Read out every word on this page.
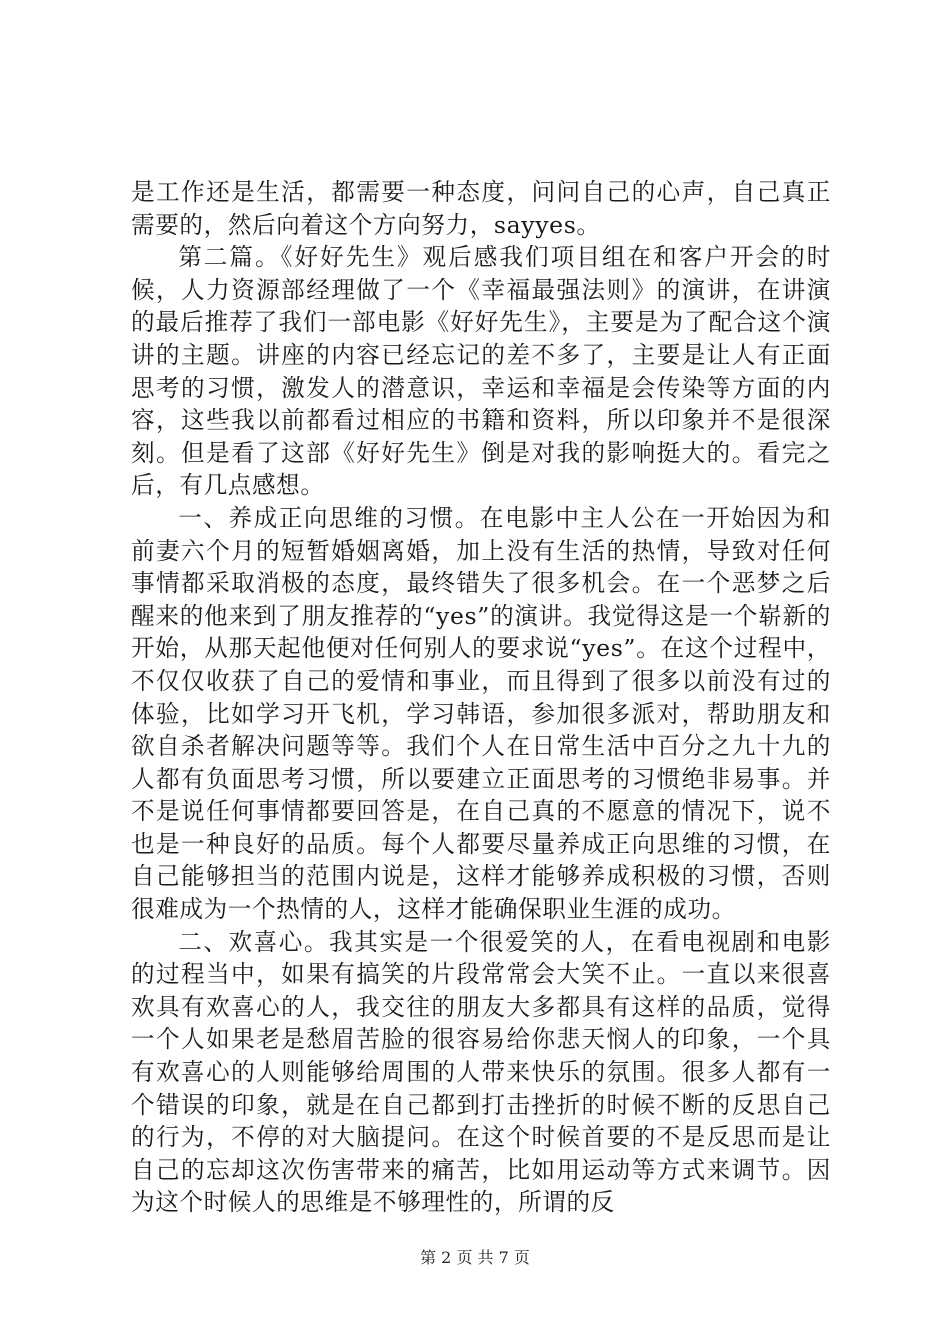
是工作还是生活，都需要一种态度，问问自己的心声，自己真正需要的，然后向着这个方向努力，sayyes。

第二篇。《好好先生》观后感我们项目组在和客户开会的时候，人力资源部经理做了一个《幸福最强法则》的演讲，在讲演的最后推荐了我们一部电影《好好先生》，主要是为了配合这个演讲的主题。讲座的内容已经忘记的差不多了，主要是让人有正面思考的习惯，激发人的潜意识，幸运和幸福是会传染等方面的内容，这些我以前都看过相应的书籍和资料，所以印象并不是很深刻。但是看了这部《好好先生》倒是对我的影响挺大的。看完之后，有几点感想。

一、养成正向思维的习惯。在电影中主人公在一开始因为和前妻六个月的短暂婚姻离婚，加上没有生活的热情，导致对任何事情都采取消极的态度，最终错失了很多机会。在一个恶梦之后醒来的他来到了朋友推荐的“yes”的演讲。我觉得这是一个崭新的开始，从那天起他便对任何别人的要求说“yes”。在这个过程中，不仅仅收获了自己的爱情和事业，而且得到了很多以前没有过的体验，比如学习开飞机，学习韩语，参加很多派对，帮助朋友和欲自杀者解决问题等等。我们个人在日常生活中百分之九十九的人都有负面思考习惯，所以要建立正面思考的习惯绝非易事。并不是说任何事情都要回答是，在自己真的不愿意的情况下，说不也是一种良好的品质。每个人都要尽量养成正向思维的习惯，在自己能够担当的范围内说是，这样才能够养成积极的习惯，否则很难成为一个热情的人，这样才能确保职业生涯的成功。

二、欢喜心。我其实是一个很爱笑的人，在看电视剧和电影的过程当中，如果有搞笑的片段常常会大笑不止。一直以来很喜欢具有欢喜心的人，我交往的朋友大多都具有这样的品质，觉得一个人如果老是愁眉苦脸的很容易给你悲天悯人的印象，一个具有欢喜心的人则能够给周围的人带来快乐的氛围。很多人都有一个错误的印象，就是在自己都到打击挫折的时候不断的反思自己的行为，不停的对大脑提问。在这个时候首要的不是反思而是让自己的忘却这次伤害带来的痛苦，比如用运动等方式来调节。因为这个时候人的思维是不够理性的，所谓的反

第 2 页 共 7 页
